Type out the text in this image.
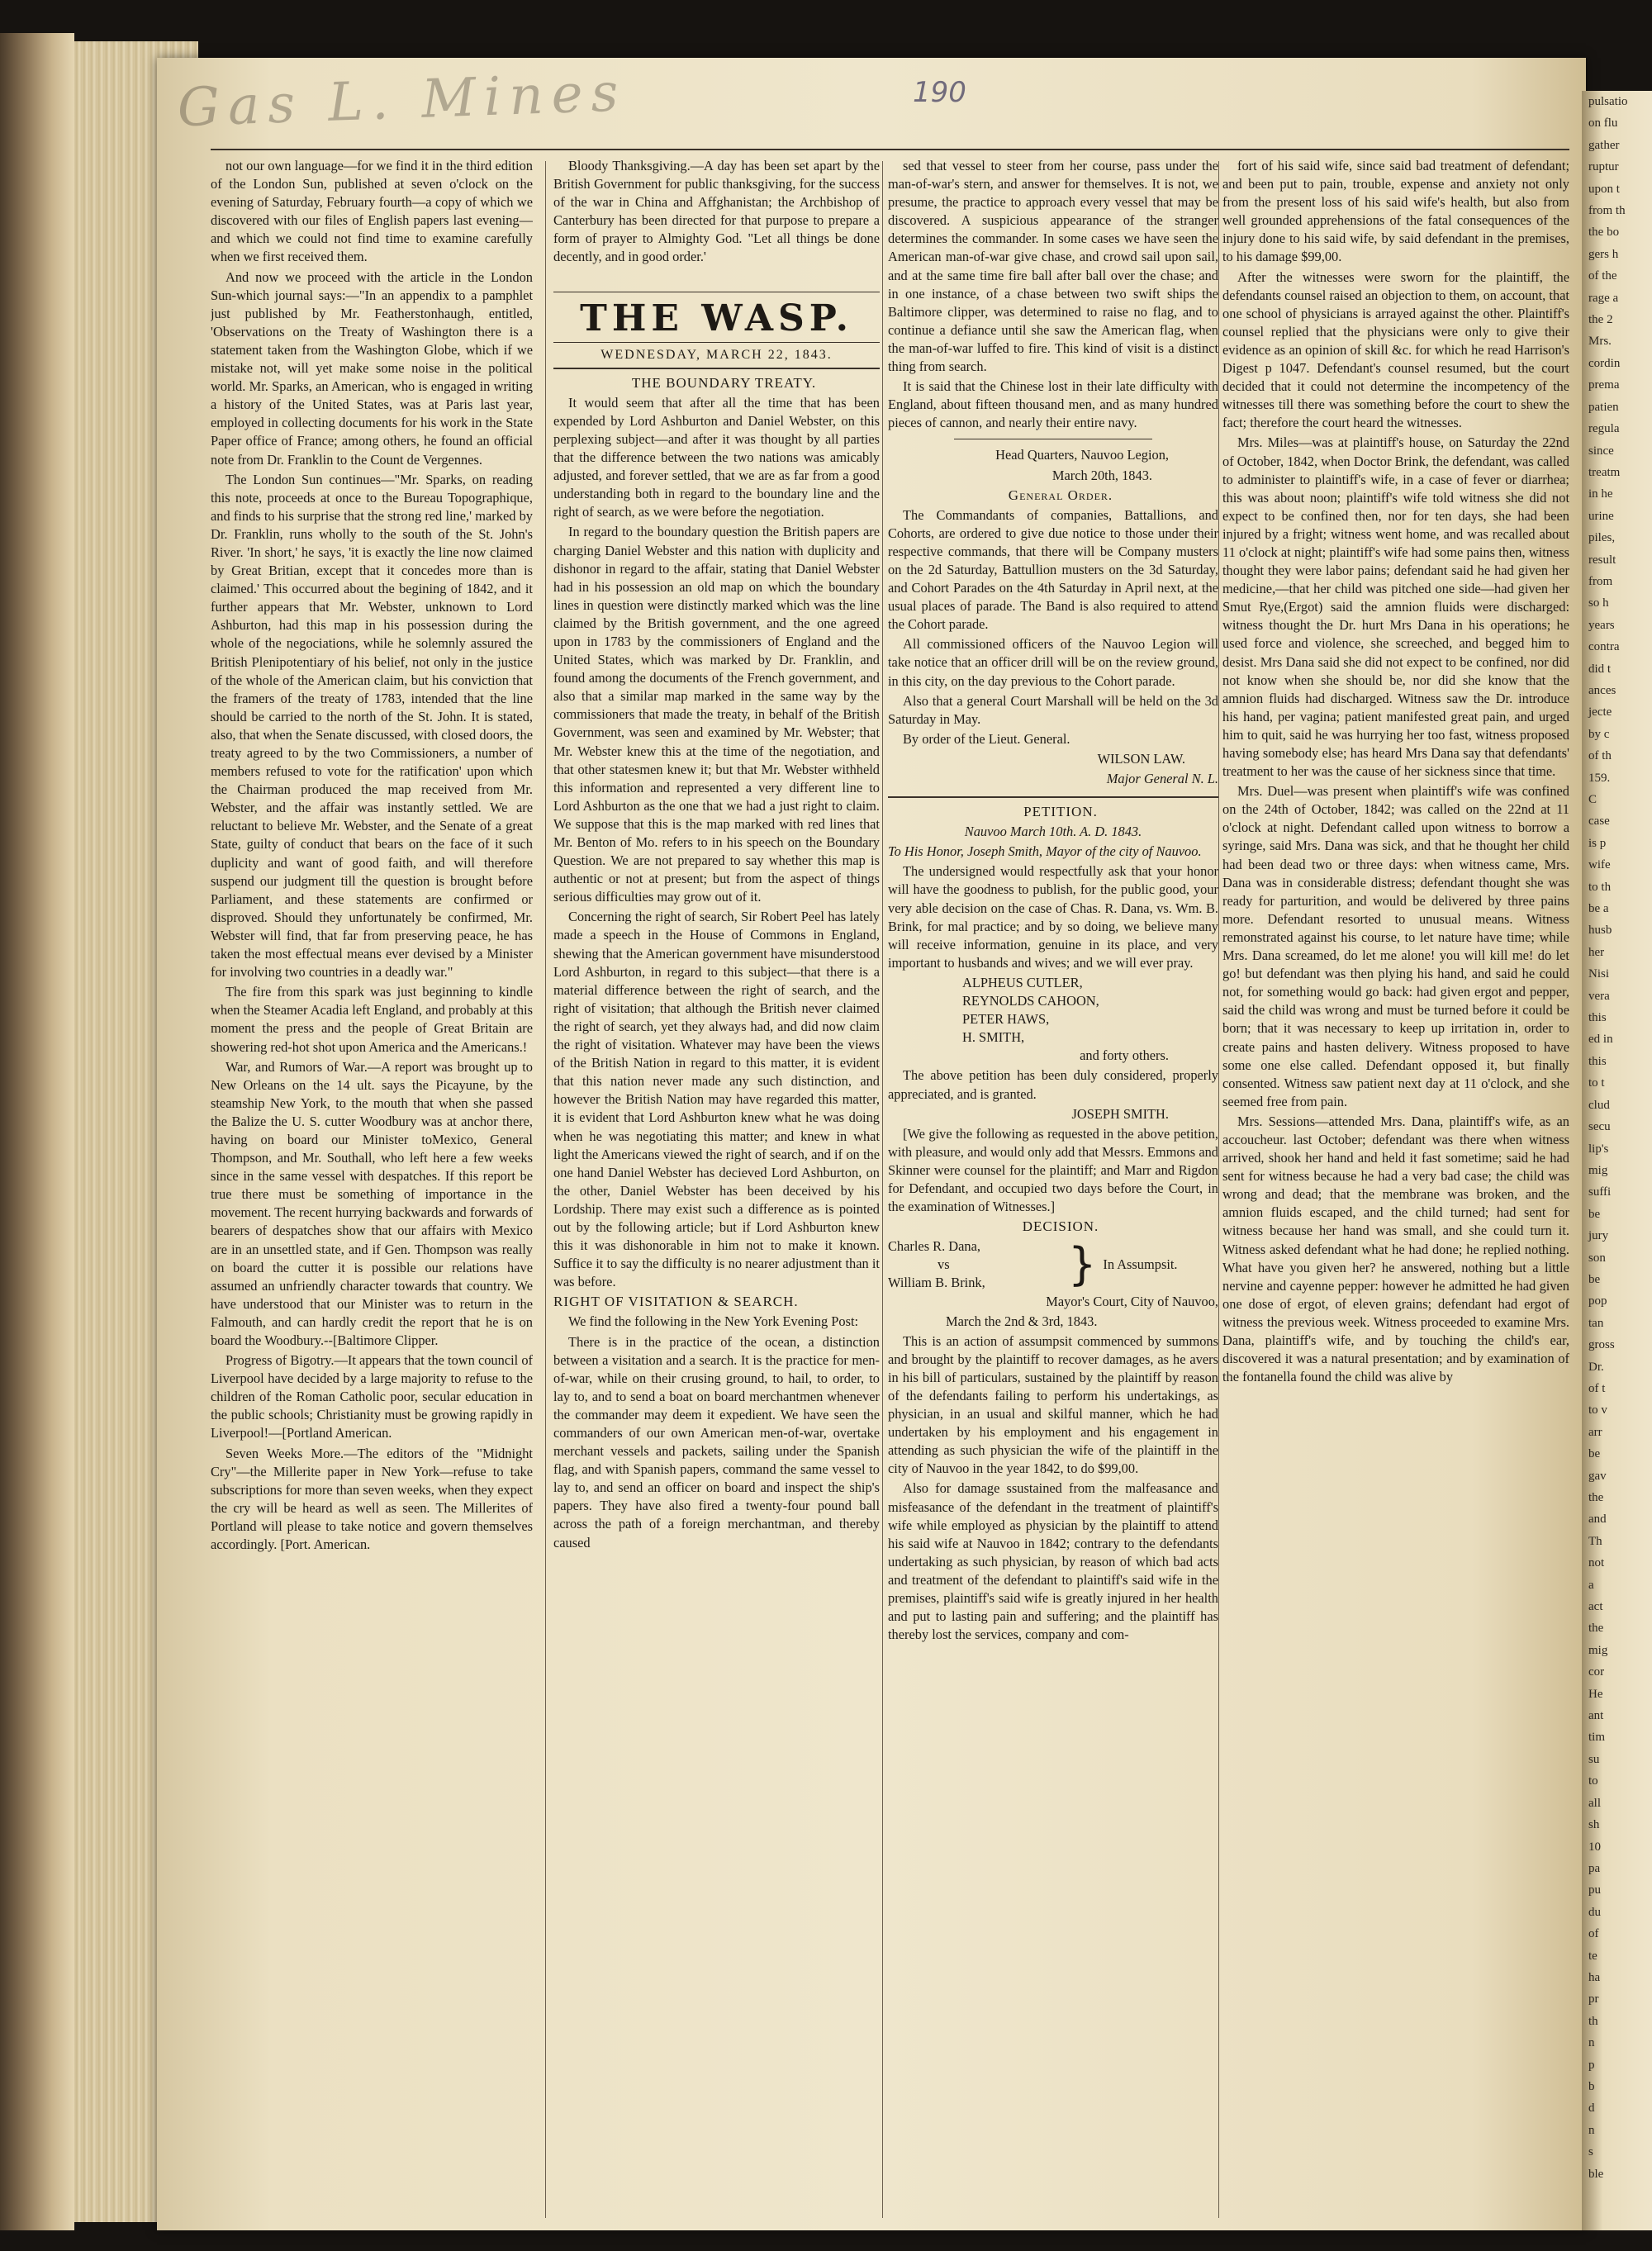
pulsatio
on flu
gather
ruptur
upon t
from th
the bo
gers h
of the
rage a
the 2
Mrs.
cordin
prema
patien
regula
since
treatm
in he
urine
piles,
result
from
so h
years
contra
did t
ances
jecte
by c
of th
159.
C
case
is p
wife
to th
be a
husb
her
Nisi
vera
this
ed in
this
to t
clud
secu
lip's
mig
suffi
be
jury
son
be
pop
tan
gross
Dr.
of t
to v
arr
be
gav
the
and
Th
not
a
act
the
mig
cor
He
ant
tim
su
to
all
sh
10
pa
pu
du
of
te
ha
pr
th
n
p
b
d
n
s
ble
Gas L. Mines	190

not our own language—for we find it in the third edition of the London Sun, published at seven o'clock on the evening of Saturday, February fourth—a copy of which we discovered with our files of English papers last evening—and which we could not find time to examine carefully when we first received them.

And now we proceed with the article in the London Sun-which journal says:—"In an appendix to a pamphlet just published by Mr. Featherstonhaugh, entitled, 'Observations on the Treaty of Washington there is a statement taken from the Washington Globe, which if we mistake not, will yet make some noise in the political world. Mr. Sparks, an American, who is engaged in writing a history of the United States, was at Paris last year, employed in collecting documents for his work in the State Paper office of France; among others, he found an official note from Dr. Franklin to the Count de Vergennes.

The London Sun continues—"Mr. Sparks, on reading this note, proceeds at once to the Bureau Topographique, and finds to his surprise that the strong red line,' marked by Dr. Franklin, runs wholly to the south of the St. John's River. 'In short,' he says, 'it is exactly the line now claimed by Great Britian, except that it concedes more than is claimed.' This occurred about the begining of 1842, and it further appears that Mr. Webster, unknown to Lord Ashburton, had this map in his possession during the whole of the negociations, while he solemnly assured the British Plenipotentiary of his belief, not only in the justice of the whole of the American claim, but his conviction that the framers of the treaty of 1783, intended that the line should be carried to the north of the St. John. It is stated, also, that when the Senate discussed, with closed doors, the treaty agreed to by the two Commissioners, a number of members refused to vote for the ratification' upon which the Chairman produced the map received from Mr. Webster, and the affair was instantly settled. We are reluctant to believe Mr. Webster, and the Senate of a great State, guilty of conduct that bears on the face of it such duplicity and want of good faith, and will therefore suspend our judgment till the question is brought before Parliament, and these statements are confirmed or disproved. Should they unfortunately be confirmed, Mr. Webster will find, that far from preserving peace, he has taken the most effectual means ever devised by a Minister for involving two countries in a deadly war."

The fire from this spark was just beginning to kindle when the Steamer Acadia left England, and probably at this moment the press and the people of Great Britain are showering red-hot shot upon America and the Americans.!

War, and Rumors of War.—A report was brought up to New Orleans on the 14 ult. says the Picayune, by the steamship New York, to the mouth that when she passed the Balize the U. S. cutter Woodbury was at anchor there, having on board our Minister toMexico, General Thompson, and Mr. Southall, who left here a few weeks since in the same vessel with despatches. If this report be true there must be something of importance in the movement. The recent hurrying backwards and forwards of bearers of despatches show that our affairs with Mexico are in an unsettled state, and if Gen. Thompson was really on board the cutter it is possible our relations have assumed an unfriendly character towards that country. We have understood that our Minister was to return in the Falmouth, and can hardly credit the report that he is on board the Woodbury.--[Baltimore Clipper.

Progress of Bigotry.—It appears that the town council of Liverpool have decided by a large majority to refuse to the children of the Roman Catholic poor, secular education in the public schools; Christianity must be growing rapidly in Liverpool!—[Portland American.

Seven Weeks More.—The editors of the "Midnight Cry"—the Millerite paper in New York—refuse to take subscriptions for more than seven weeks, when they expect the cry will be heard as well as seen. The Millerites of Portland will please to take notice and govern themselves accordingly. [Port. American.

Bloody Thanksgiving.—A day has been set apart by the British Government for public thanksgiving, for the success of the war in China and Affghanistan; the Archbishop of Canterbury has been directed for that purpose to prepare a form of prayer to Almighty God. "Let all things be done decently, and in good order.'

THE WASP.
WEDNESDAY, MARCH 22, 1843.

THE BOUNDARY TREATY.

It would seem that after all the time that has been expended by Lord Ashburton and Daniel Webster, on this perplexing subject—and after it was thought by all parties that the difference between the two nations was amicably adjusted, and forever settled, that we are as far from a good understanding both in regard to the boundary line and the right of search, as we were before the negotiation.

In regard to the boundary question the British papers are charging Daniel Webster and this nation with duplicity and dishonor in regard to the affair, stating that Daniel Webster had in his possession an old map on which the boundary lines in question were distinctly marked which was the line claimed by the British government, and the one agreed upon in 1783 by the commissioners of England and the United States, which was marked by Dr. Franklin, and found among the documents of the French government, and also that a similar map marked in the same way by the commissioners that made the treaty, in behalf of the British Government, was seen and examined by Mr. Webster; that Mr. Webster knew this at the time of the negotiation, and that other statesmen knew it; but that Mr. Webster withheld this information and represented a very different line to Lord Ashburton as the one that we had a just right to claim. We suppose that this is the map marked with red lines that Mr. Benton of Mo. refers to in his speech on the Boundary Question. We are not prepared to say whether this map is authentic or not at present; but from the aspect of things serious difficulties may grow out of it.

Concerning the right of search, Sir Robert Peel has lately made a speech in the House of Commons in England, shewing that the American government have misunderstood Lord Ashburton, in regard to this subject—that there is a material difference between the right of search, and the right of visitation; that although the British never claimed the right of search, yet they always had, and did now claim the right of visitation. Whatever may have been the views of the British Nation in regard to this matter, it is evident that this nation never made any such distinction, and however the British Nation may have regarded this matter, it is evident that Lord Ashburton knew what he was doing when he was negotiating this matter; and knew in what light the Americans viewed the right of search, and if on the one hand Daniel Webster has decieved Lord Ashburton, on the other, Daniel Webster has been deceived by his Lordship. There may exist such a difference as is pointed out by the following article; but if Lord Ashburton knew this it was dishonorable in him not to make it known. Suffice it to say the difficulty is no nearer adjustment than it was before.

RIGHT OF VISITATION & SEARCH.

We find the following in the New York Evening Post:

There is in the practice of the ocean, a distinction between a visitation and a search. It is the practice for men-of-war, while on their crusing ground, to hail, to order, to lay to, and to send a boat on board merchantmen whenever the commander may deem it expedient. We have seen the commanders of our own American men-of-war, overtake merchant vessels and packets, sailing under the Spanish flag, and with Spanish papers, command the same vessel to lay to, and send an officer on board and inspect the ship's papers. They have also fired a twenty-four pound ball across the path of a foreign merchantman, and thereby caused

sed that vessel to steer from her course, pass under the man-of-war's stern, and answer for themselves. It is not, we presume, the practice to approach every vessel that may be discovered. A suspicious appearance of the stranger determines the commander. In some cases we have seen the American man-of-war give chase, and crowd sail upon sail, and at the same time fire ball after ball over the chase; and in one instance, of a chase between two swift ships the Baltimore clipper, was determined to raise no flag, and to continue a defiance until she saw the American flag, when the man-of-war luffed to fire. This kind of visit is a distinct thing from search.

It is said that the Chinese lost in their late difficulty with England, about fifteen thousand men, and as many hundred pieces of cannon, and nearly their entire navy.

Head Quarters, Nauvoo Legion,

March 20th, 1843.

General Order.

The Commandants of companies, Battallions, and Cohorts, are ordered to give due notice to those under their respective commands, that there will be Company musters on the 2d Saturday, Battullion musters on the 3d Saturday, and Cohort Parades on the 4th Saturday in April next, at the usual places of parade. The Band is also required to attend the Cohort parade.

All commissioned officers of the Nauvoo Legion will take notice that an officer drill will be on the review ground, in this city, on the day previous to the Cohort parade.

Also that a general Court Marshall will be held on the 3d Saturday in May.

By order of the Lieut. General.

WILSON LAW.

Major General N. L.

PETITION.

Nauvoo March 10th. A. D. 1843.

To His Honor, Joseph Smith, Mayor of the city of Nauvoo.

The undersigned would respectfully ask that your honor will have the goodness to publish, for the public good, your very able decision on the case of Chas. R. Dana, vs. Wm. B. Brink, for mal practice; and by so doing, we believe many will receive information, genuine in its place, and very important to husbands and wives; and we will ever pray.

ALPHEUS CUTLER,
REYNOLDS CAHOON,
PETER HAWS,
H. SMITH,

and forty others.

The above petition has been duly considered, properly appreciated, and is granted.

JOSEPH SMITH.

[We give the following as requested in the above petition, with pleasure, and would only add that Messrs. Emmons and Skinner were counsel for the plaintiff; and Marr and Rigdon for Defendant, and occupied two days before the Court, in the examination of Witnesses.]

DECISION.

Charles R. Dana,
vs
William B. Brink,	} In Assumpsit.

Mayor's Court, City of Nauvoo,

March the 2nd & 3rd, 1843.

This is an action of assumpsit commenced by summons and brought by the plaintiff to recover damages, as he avers in his bill of particulars, sustained by the plaintiff by reason of the defendants failing to perform his undertakings, as physician, in an usual and skilful manner, which he had undertaken by his employment and his engagement in attending as such physician the wife of the plaintiff in the city of Nauvoo in the year 1842, to do $99,00.

Also for damage ssustained from the malfeasance and misfeasance of the defendant in the treatment of plaintiff's wife while employed as physician by the plaintiff to attend his said wife at Nauvoo in 1842; contrary to the defendants undertaking as such physician, by reason of which bad acts and treatment of the defendant to plaintiff's said wife in the premises, plaintiff's said wife is greatly injured in her health and put to lasting pain and suffering; and the plaintiff has thereby lost the services, company and com-

fort of his said wife, since said bad treatment of defendant; and been put to pain, trouble, expense and anxiety not only from the present loss of his said wife's health, but also from well grounded apprehensions of the fatal consequences of the injury done to his said wife, by said defendant in the premises, to his damage $99,00.

After the witnesses were sworn for the plaintiff, the defendants counsel raised an objection to them, on account, that one school of physicians is arrayed against the other. Plaintiff's counsel replied that the physicians were only to give their evidence as an opinion of skill &c. for which he read Harrison's Digest p 1047. Defendant's counsel resumed, but the court decided that it could not determine the incompetency of the witnesses till there was something before the court to shew the fact; therefore the court heard the witnesses.

Mrs. Miles—was at plaintiff's house, on Saturday the 22nd of October, 1842, when Doctor Brink, the defendant, was called to administer to plaintiff's wife, in a case of fever or diarrhea; this was about noon; plaintiff's wife told witness she did not expect to be confined then, nor for ten days, she had been injured by a fright; witness went home, and was recalled about 11 o'clock at night; plaintiff's wife had some pains then, witness thought they were labor pains; defendant said he had given her medicine,—that her child was pitched one side—had given her Smut Rye,(Ergot) said the amnion fluids were discharged: witness thought the Dr. hurt Mrs Dana in his operations; he used force and violence, she screeched, and begged him to desist. Mrs Dana said she did not expect to be confined, nor did not know when she should be, nor did she know that the amnion fluids had discharged. Witness saw the Dr. introduce his hand, per vagina; patient manifested great pain, and urged him to quit, said he was hurrying her too fast, witness proposed having somebody else; has heard Mrs Dana say that defendants' treatment to her was the cause of her sickness since that time.

Mrs. Duel—was present when plaintiff's wife was confined on the 24th of October, 1842; was called on the 22nd at 11 o'clock at night. Defendant called upon witness to borrow a syringe, said Mrs. Dana was sick, and that he thought her child had been dead two or three days: when witness came, Mrs. Dana was in considerable distress; defendant thought she was ready for parturition, and would be delivered by three pains more. Defendant resorted to unusual means. Witness remonstrated against his course, to let nature have time; while Mrs. Dana screamed, do let me alone! you will kill me! do let go! but defendant was then plying his hand, and said he could not, for something would go back: had given ergot and pepper, said the child was wrong and must be turned before it could be born; that it was necessary to keep up irritation in, order to create pains and hasten delivery. Witness proposed to have some one else called. Defendant opposed it, but finally consented. Witness saw patient next day at 11 o'clock, and she seemed free from pain.

Mrs. Sessions—attended Mrs. Dana, plaintiff's wife, as an accoucheur. last October; defendant was there when witness arrived, shook her hand and held it fast sometime; said he had sent for witness because he had a very bad case; the child was wrong and dead; that the membrane was broken, and the amnion fluids escaped, and the child turned; had sent for witness because her hand was small, and she could turn it. Witness asked defendant what he had done; he replied nothing. What have you given her? he answered, nothing but a little nervine and cayenne pepper: however he admitted he had given one dose of ergot, of eleven grains; defendant had ergot of witness the previous week. Witness proceeded to examine Mrs. Dana, plaintiff's wife, and by touching the child's ear, discovered it was a natural presentation; and by examination of the fontanella found the child was alive by
